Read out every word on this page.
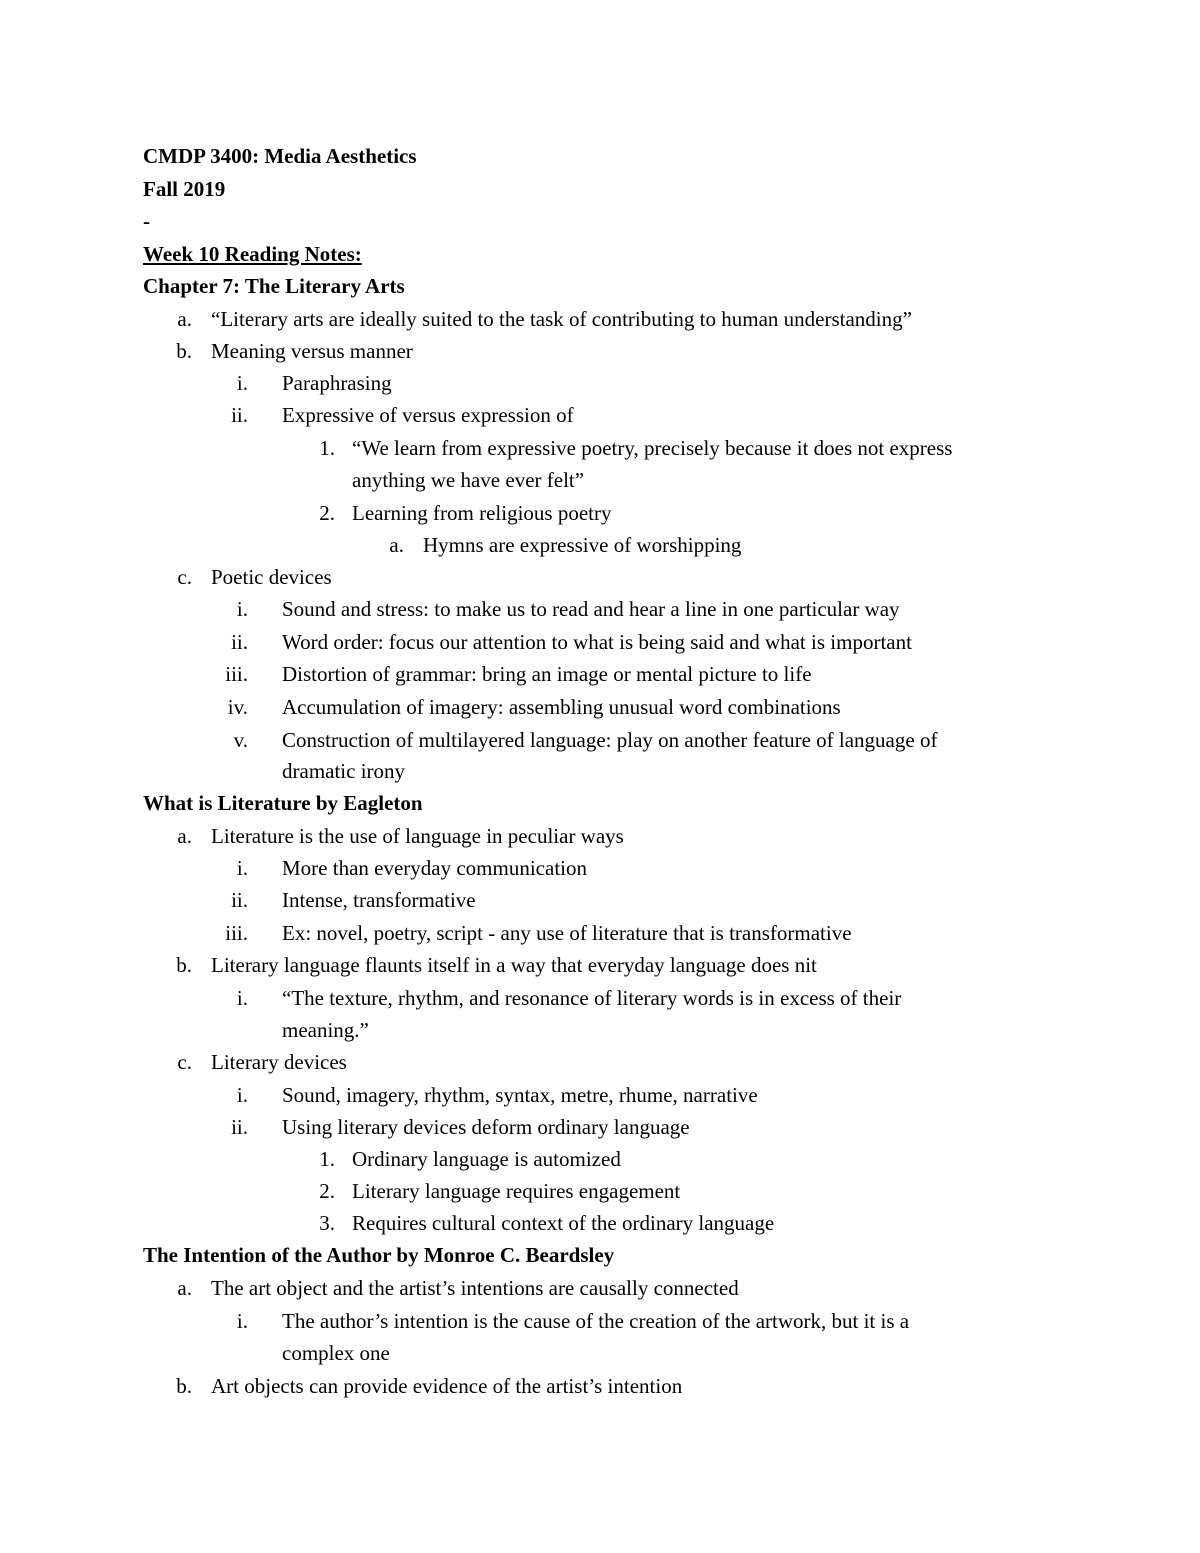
CMDP 3400: Media Aesthetics
Fall 2019
-
Week 10 Reading Notes:
Chapter 7: The Literary Arts
a. “Literary arts are ideally suited to the task of contributing to human understanding”
b. Meaning versus manner
i. Paraphrasing
ii. Expressive of versus expression of
1. “We learn from expressive poetry, precisely because it does not express
anything we have ever felt”
2. Learning from religious poetry
a. Hymns are expressive of worshipping
c. Poetic devices
i. Sound and stress: to make us to read and hear a line in one particular way
ii. Word order: focus our attention to what is being said and what is important
iii. Distortion of grammar: bring an image or mental picture to life
iv. Accumulation of imagery: assembling unusual word combinations
v. Construction of multilayered language: play on another feature of language of
dramatic irony
What is Literature by Eagleton
a. Literature is the use of language in peculiar ways
i. More than everyday communication
ii. Intense, transformative
iii. Ex: novel, poetry, script - any use of literature that is transformative
b. Literary language flaunts itself in a way that everyday language does nit
i. “The texture, rhythm, and resonance of literary words is in excess of their
meaning.”
c. Literary devices
i. Sound, imagery, rhythm, syntax, metre, rhume, narrative
ii. Using literary devices deform ordinary language
1. Ordinary language is automized
2. Literary language requires engagement
3. Requires cultural context of the ordinary language
The Intention of the Author by Monroe C. Beardsley
a. The art object and the artist’s intentions are causally connected
i. The author’s intention is the cause of the creation of the artwork, but it is a
complex one
b. Art objects can provide evidence of the artist’s intention
